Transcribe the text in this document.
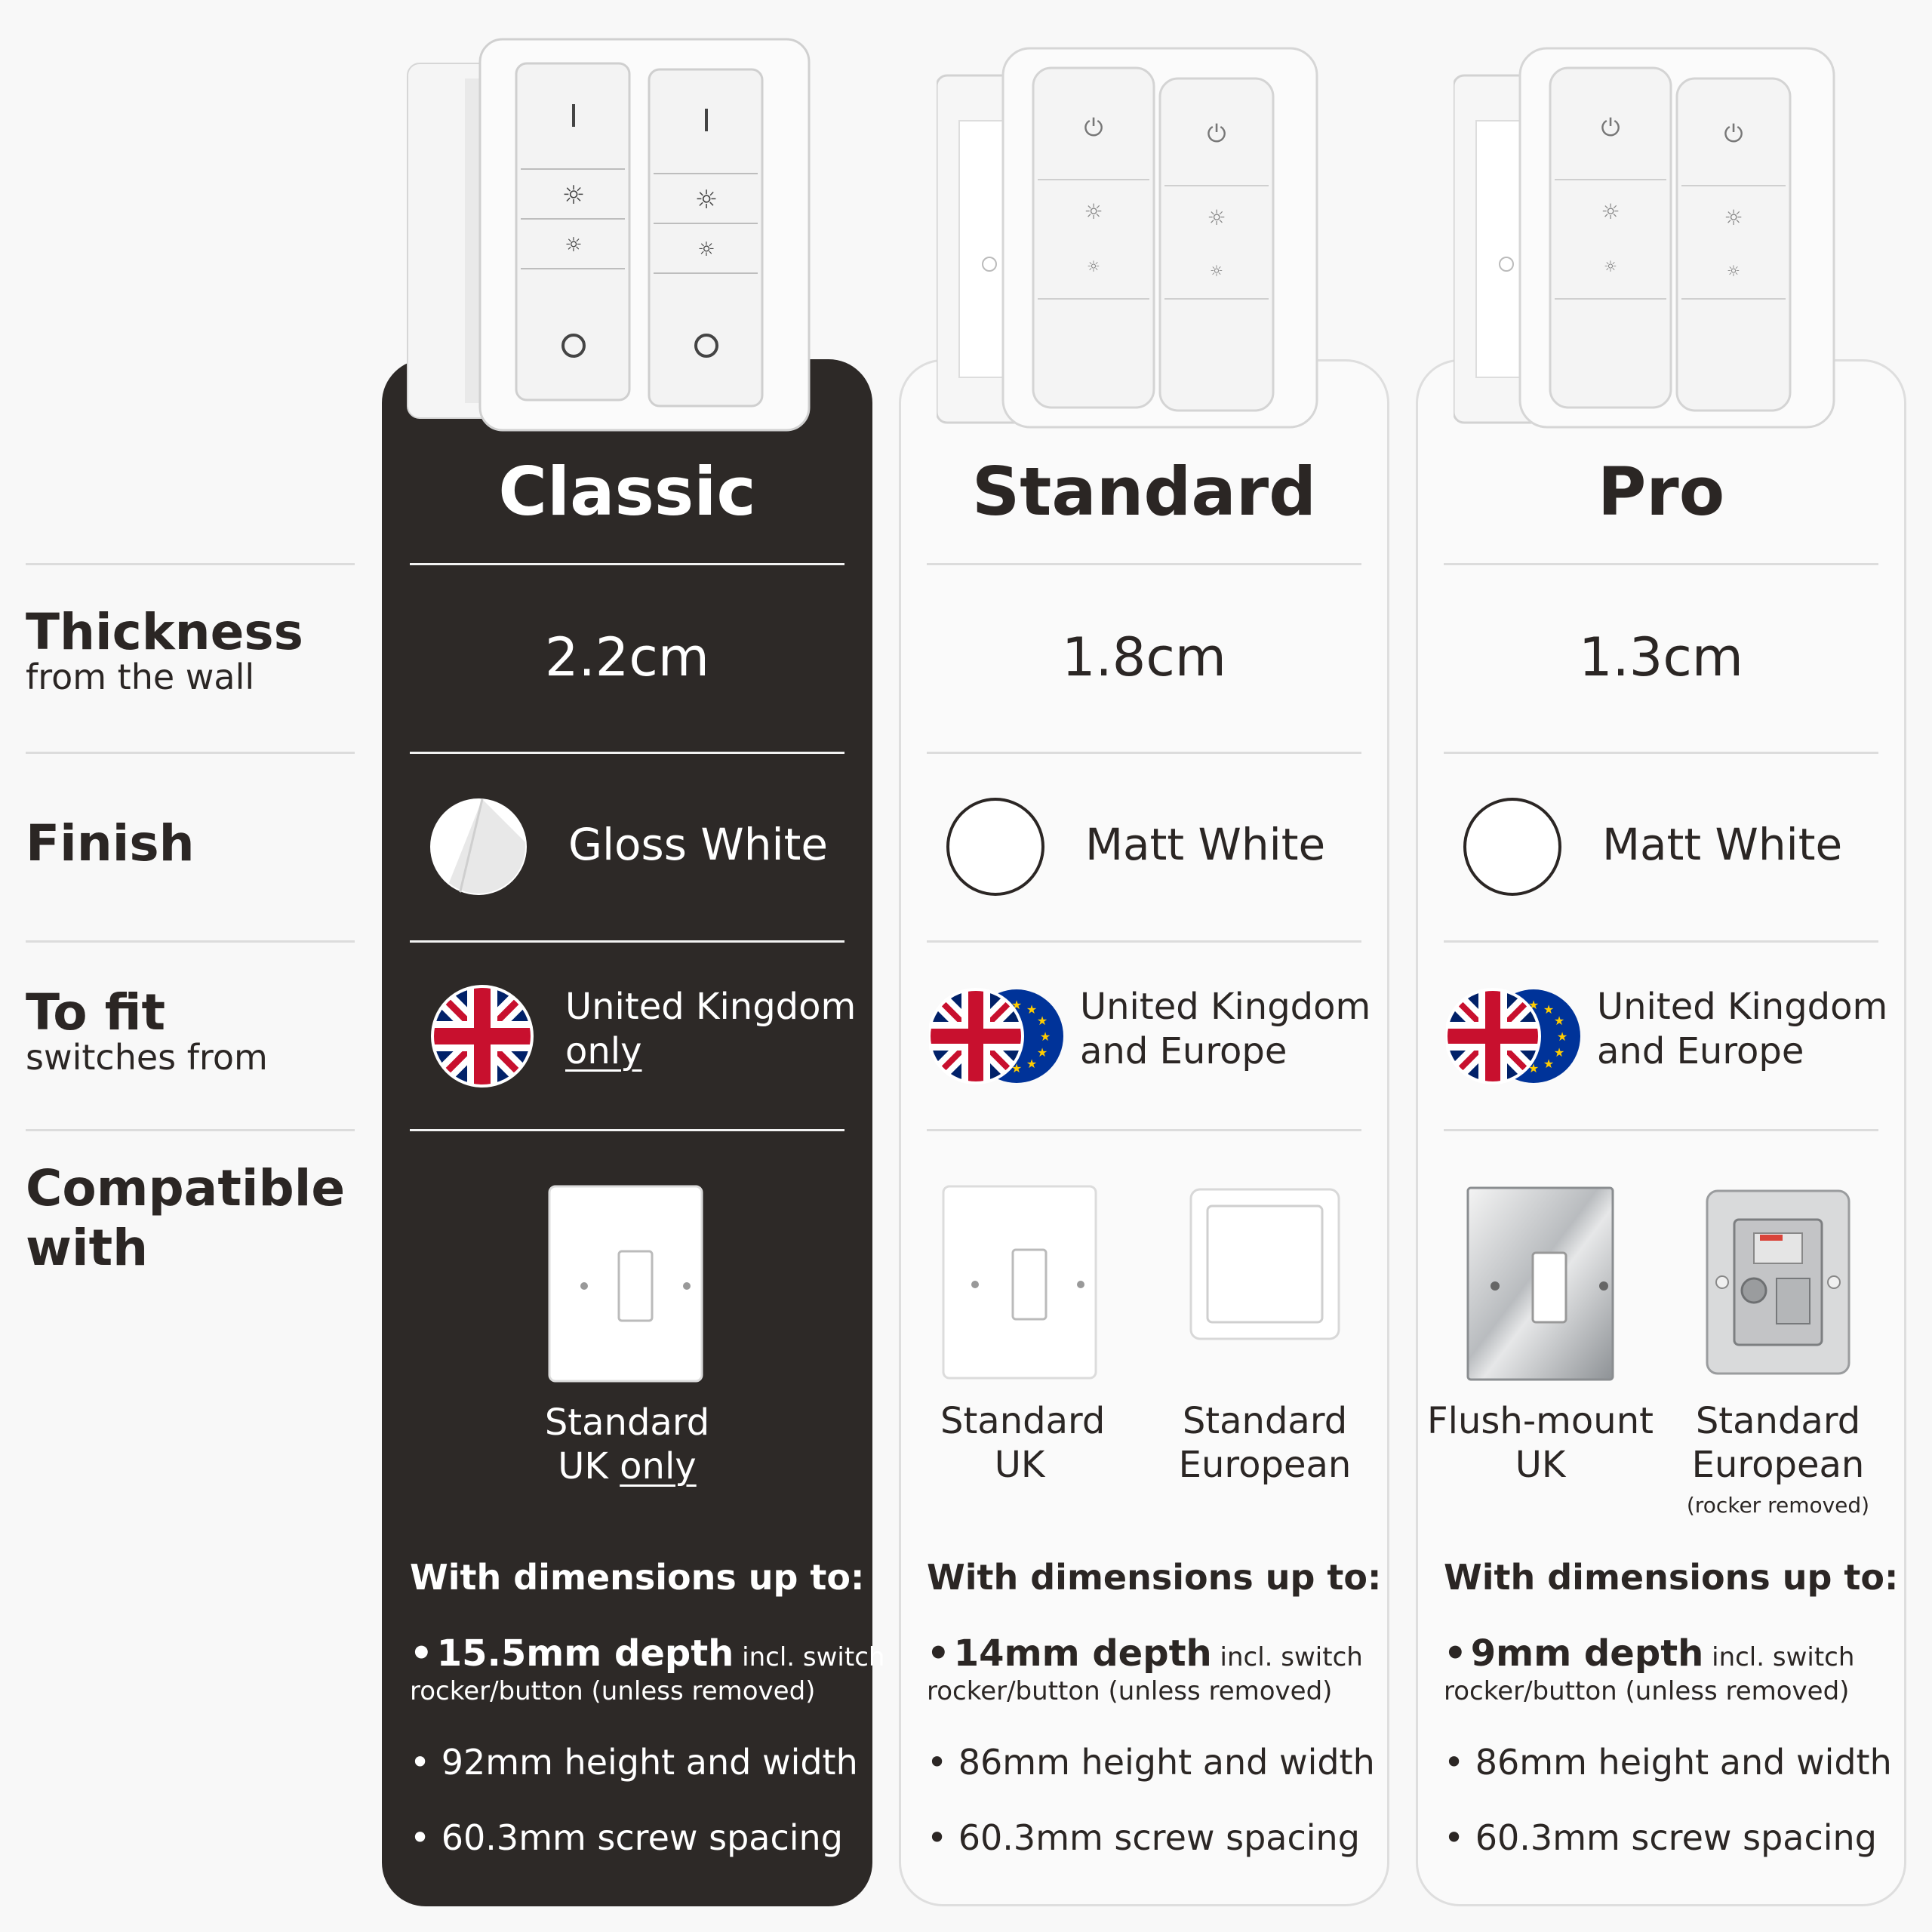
Thickness
from the wall
Finish
To fit
switches from
Compatible
with
☼
☼
☼
☼
Classic
2.2cm
Gloss White
United Kingdom
only
Standard
UK only
With dimensions up to:
• 15.5mm depth incl. switch
rocker/button (unless removed)
• 92mm height and width
• 60.3mm screw spacing
⏻
☼
☼
⏻
☼
☼
Standard
1.8cm
Matt White
★ ★
★
★
★
★
★
United Kingdom
and Europe
Standard
UK
Standard
European
With dimensions up to:
• 14mm depth incl. switch
rocker/button (unless removed)
• 86mm height and width
• 60.3mm screw spacing
⏻
☼
☼
⏻
☼
☼
Pro
1.3cm
Matt White
★ ★
★
★
★
★
★
United Kingdom
and Europe
Flush-mount
UK
Standard
European
(rocker removed)
With dimensions up to:
• 9mm depth incl. switch
rocker/button (unless removed)
• 86mm height and width
• 60.3mm screw spacing
